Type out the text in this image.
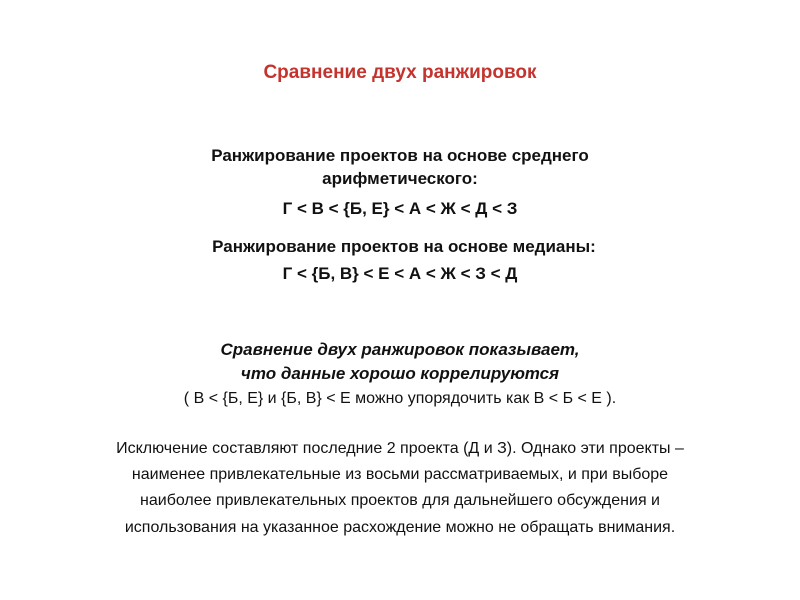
Сравнение двух ранжировок
Ранжирование проектов на основе среднего
арифметического:
Г < В < {Б, Е} < А < Ж < Д < З
Ранжирование проектов на основе медианы:
Г < {Б, В} < Е < А < Ж < З < Д
Сравнение двух ранжировок показывает,
что данные хорошо коррелируются
( В < {Б, Е} и {Б, В} < Е можно упорядочить как В < Б < Е ).
Исключение составляют последние 2 проекта (Д и З). Однако эти проекты –
наименее привлекательные из восьми рассматриваемых, и при выборе
наиболее привлекательных проектов для дальнейшего обсуждения и
использования на указанное расхождение можно не обращать внимания.
